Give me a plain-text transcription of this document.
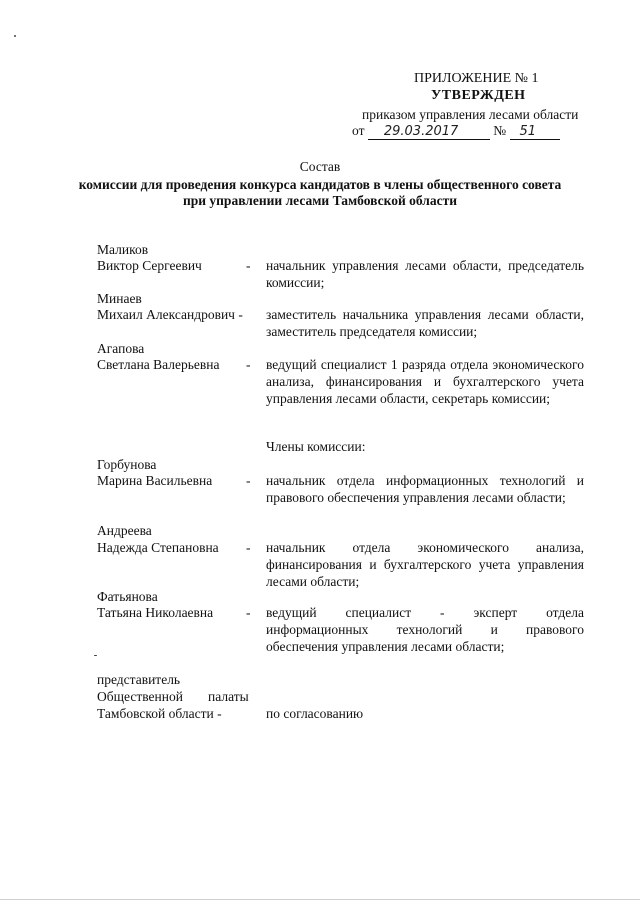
ПРИЛОЖЕНИЕ № 1
УТВЕРЖДЕН
приказом управления лесами области
от 29.03.2017	№ 51
Состав
комиссии для проведения конкурса кандидатов в члены общественного совета
при управлении лесами Тамбовской области
Маликов
Виктор Сергеевич	- начальник управления лесами области, председатель комиссии;
Минаев
Михаил Александрович - заместитель начальника управления лесами области, заместитель председателя комиссии;
Агапова
Светлана Валерьевна - ведущий специалист 1 разряда отдела экономического анализа, финансирования и бухгалтерского учета управления лесами области, секретарь комиссии;
Члены комиссии:
Горбунова
Марина Васильевна - начальник отдела информационных технологий и правового обеспечения управления лесами области;
Андреева
Надежда Степановна - начальник отдела экономического анализа, финансирования и бухгалтерского учета управления лесами области;
Фатьянова
Татьяна Николаевна - ведущий специалист - эксперт отдела информационных технологий и правового обеспечения управления лесами области;
представитель
Общественной палаты
Тамбовской области -	по согласованию
